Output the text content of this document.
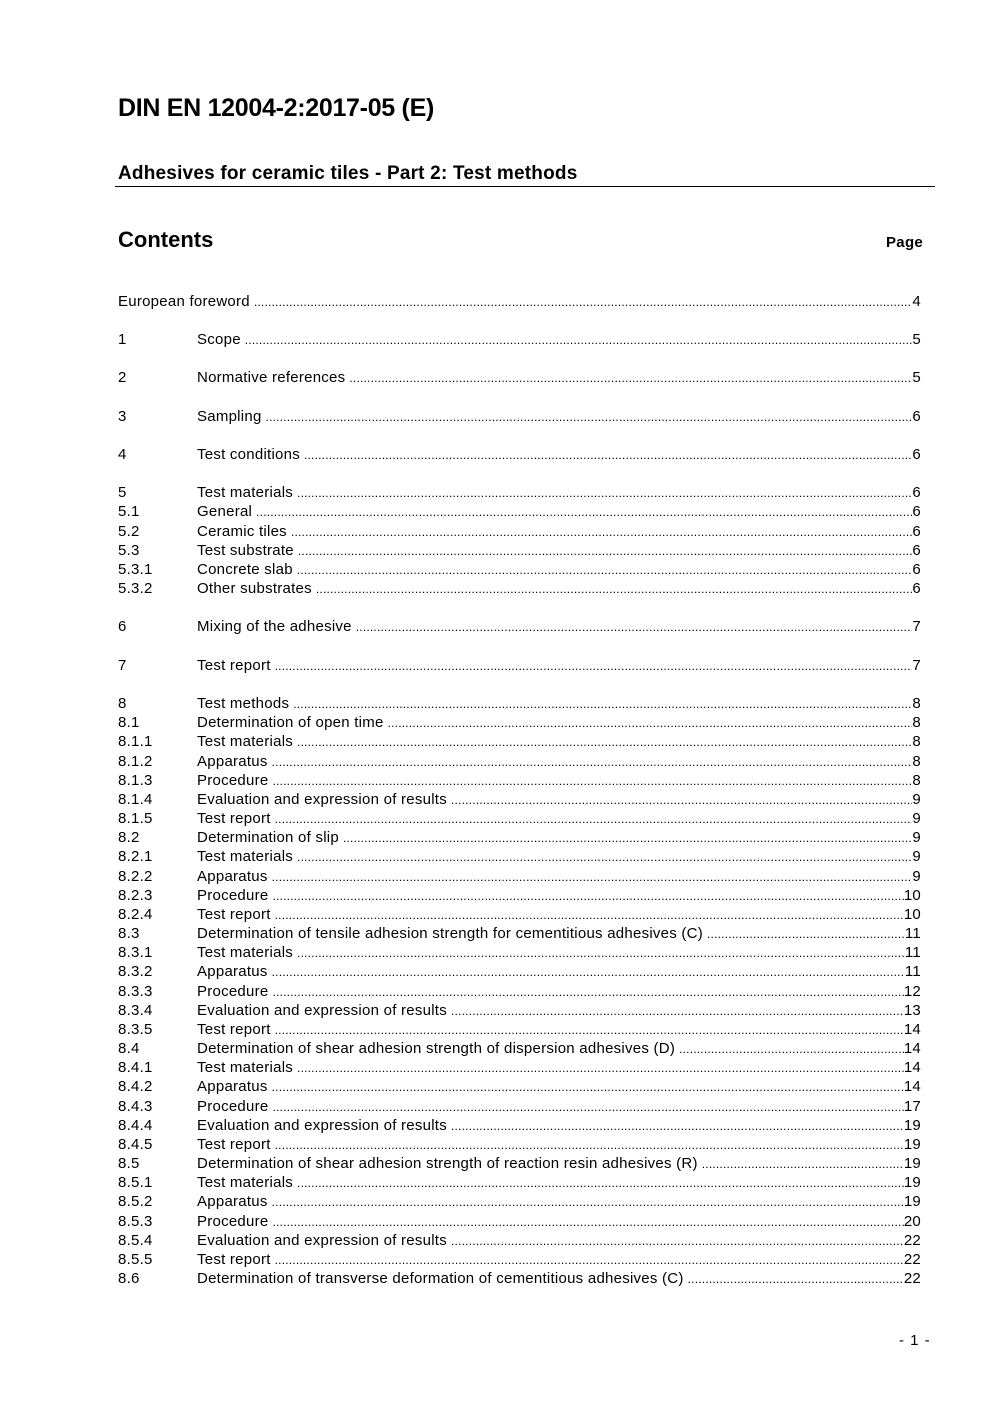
DIN EN 12004-2:2017-05 (E)
Adhesives for ceramic tiles - Part 2: Test methods
Contents	Page
European foreword .....	4
1	Scope .....	5
2	Normative references .....	5
3	Sampling .....	6
4	Test conditions .....	6
5	Test materials .....	6
5.1	General .....	6
5.2	Ceramic tiles .....	6
5.3	Test substrate .....	6
5.3.1	Concrete slab .....	6
5.3.2	Other substrates .....	6
6	Mixing of the adhesive .....	7
7	Test report .....	7
8	Test methods .....	8
8.1	Determination of open time .....	8
8.1.1	Test materials .....	8
8.1.2	Apparatus .....	8
8.1.3	Procedure .....	8
8.1.4	Evaluation and expression of results .....	9
8.1.5	Test report .....	9
8.2	Determination of slip .....	9
8.2.1	Test materials .....	9
8.2.2	Apparatus .....	9
8.2.3	Procedure .....	10
8.2.4	Test report .....	10
8.3	Determination of tensile adhesion strength for cementitious adhesives (C) .....	11
8.3.1	Test materials .....	11
8.3.2	Apparatus .....	11
8.3.3	Procedure .....	12
8.3.4	Evaluation and expression of results .....	13
8.3.5	Test report .....	14
8.4	Determination of shear adhesion strength of dispersion adhesives (D) .....	14
8.4.1	Test materials .....	14
8.4.2	Apparatus .....	14
8.4.3	Procedure .....	17
8.4.4	Evaluation and expression of results .....	19
8.4.5	Test report .....	19
8.5	Determination of shear adhesion strength of reaction resin adhesives (R) .....	19
8.5.1	Test materials .....	19
8.5.2	Apparatus .....	19
8.5.3	Procedure .....	20
8.5.4	Evaluation and expression of results .....	22
8.5.5	Test report .....	22
8.6	Determination of transverse deformation of cementitious adhesives (C) .....	22
- 1 -
